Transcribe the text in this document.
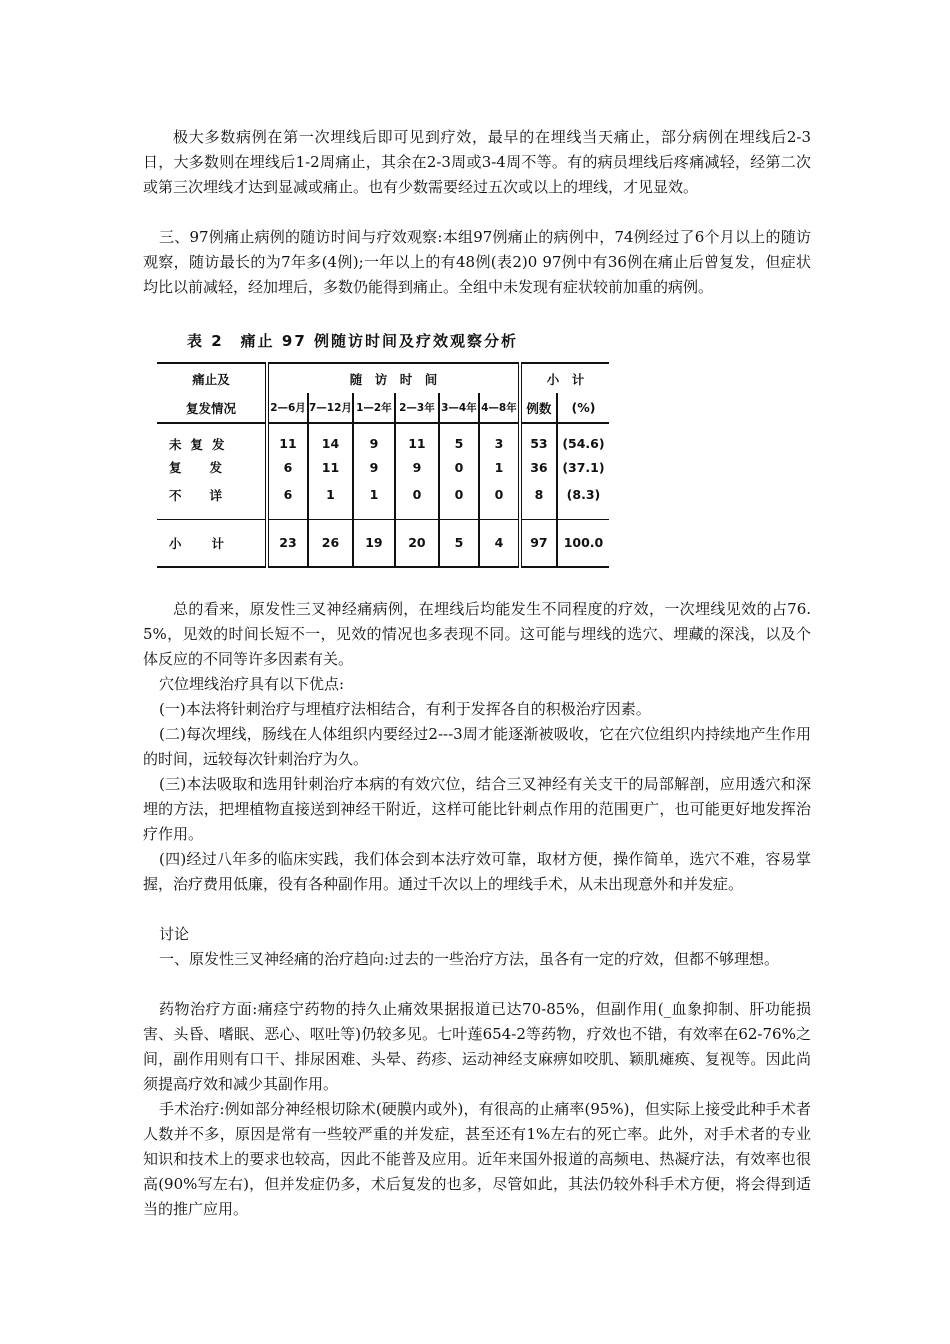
极大多数病例在第一次埋线后即可见到疗效，最早的在埋线当天痛止，部分病例在埋线后2-3日，大多数则在埋线后1-2周痛止，其余在2-3周或3-4周不等。有的病员埋线后疼痛减轻，经第二次或第三次埋线才达到显减或痛止。也有少数需要经过五次或以上的埋线，才见显效。

三、97例痛止病例的随访时间与疗效观察:本组97例痛止的病例中，74例经过了6个月以上的随访观察，随访最长的为7年多(4例);一年以上的有48例(表2)0 97例中有36例在痛止后曾复发，但症状均比以前减轻，经加埋后，多数仍能得到痛止。全组中未发现有症状较前加重的病例。

表 2　痛止 97 例随访时间及疗效观察分析
痛止及	随　访　时　间						小　计	
复发情况	2—6月	7—12月	1—2年	2—3年	3—4年	4—8年	例数	(%)
未复发	11	14	9	11	5	3	53	(54.6)
复发	6	11	9	9	0	1	36	(37.1)
不详	6	1	1	0	0	0	8	(8.3)
小计	23	26	19	20	5	4	97	100.0

总的看来，原发性三叉神经痛病例，在埋线后均能发生不同程度的疗效，一次埋线见效的占76. 5%，见效的时间长短不一，见效的情况也多表现不同。这可能与埋线的选穴、埋藏的深浅，以及个体反应的不同等许多因素有关。

穴位埋线治疗具有以下优点:

(一)本法将针刺治疗与埋植疗法相结合，有利于发挥各自的积极治疗因素。

(二)每次埋线，肠线在人体组织内要经过2---3周才能逐渐被吸收，它在穴位组织内持续地产生作用的时间，远较每次针刺治疗为久。

(三)本法吸取和选用针刺治疗本病的有效穴位，结合三叉神经有关支干的局部解剖，应用透穴和深埋的方法，把埋植物直接送到神经干附近，这样可能比针刺点作用的范围更广，也可能更好地发挥治疗作用。

(四)经过八年多的临床实践，我们体会到本法疗效可靠，取材方便，操作简单，选穴不难，容易掌握，治疗费用低廉，役有各种副作用。通过千次以上的埋线手术，从未出现意外和并发症。

讨论

一、原发性三叉神经痛的治疗趋向:过去的一些治疗方法，虽各有一定的疗效，但都不够理想。

药物治疗方面:痛痉宁药物的持久止痛效果据报道已达70-85%，但副作用(_血象抑制、肝功能损害、头昏、嗜眠、恶心、呕吐等)仍较多见。七叶莲654-2等药物，疗效也不错，有效率在62-76%之间，副作用则有口干、排尿困难、头晕、药疹、运动神经支麻痹如咬肌、颖肌瘫痪、复视等。因此尚须提高疗效和减少其副作用。

手术治疗:例如部分神经根切除术(硬膜内或外)，有很高的止痛率(95%)，但实际上接受此种手术者人数并不多，原因是常有一些较严重的并发症，甚至还有1%左右的死亡率。此外，对手术者的专业知识和技术上的要求也较高，因此不能普及应用。近年来国外报道的高频电、热凝疗法，有效率也很高(90%写左右)，但并发症仍多，术后复发的也多，尽管如此，其法仍较外科手术方便，将会得到适当的推广应用。
